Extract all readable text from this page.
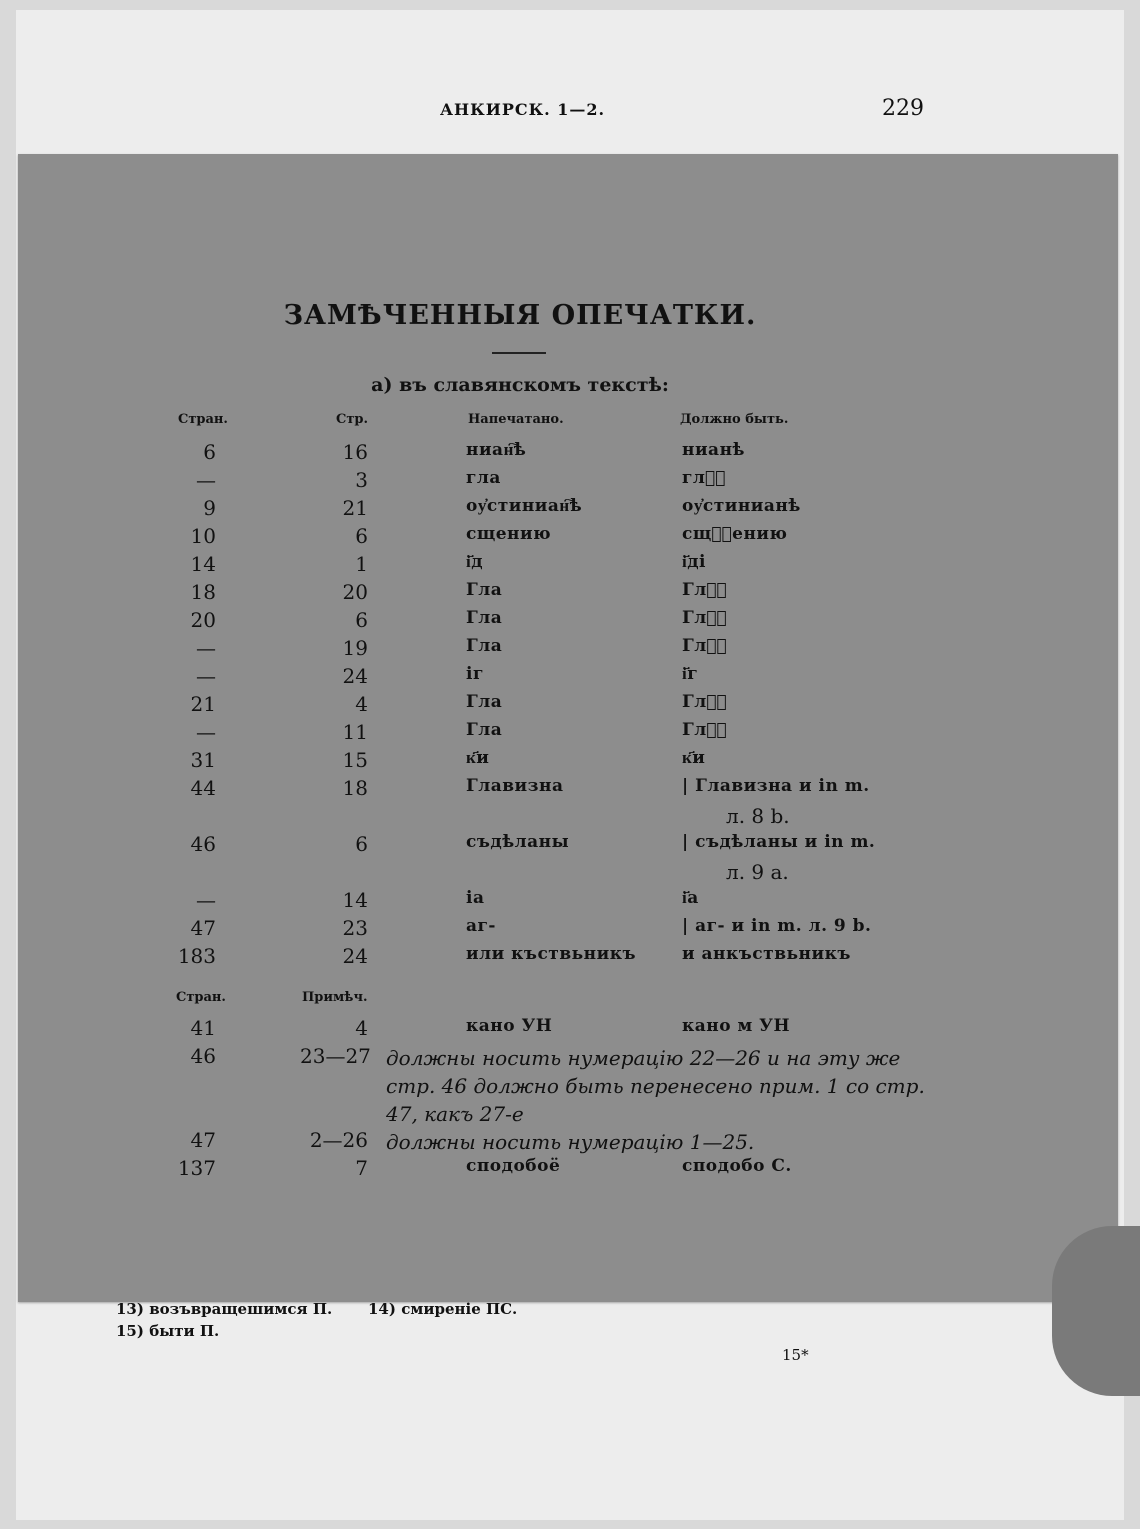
АНКИРСК. 1—2.	229
ЗАМѢЧЕННЫЯ ОПЕЧАТКИ.
а) въ славянскомъ текстѣ:
Стран.	Стр.	Напечатано.	Должно быть.
6	16	ниан҇ѣ	нианѣ
—	3	гла	глⷭ҇
9	21	оу҆стиниан҇ѣ	оу҆стинианѣ
10	6	сщению	сщⷭ҇ению
14	1	і҃д	і҃ді
18	20	Гла	Глⷭ҇
20	6	Гла	Глⷭ҇
—	19	Гла	Глⷭ҇
—	24	іг	і҃г
21	4	Гла	Глⷭ҇
—	11	Гла	Глⷭ҇
31	15	к҃и	к҃и
44	18	Главизна	| Главизна и in m.
л. 8 b.
46	6	съдѣланы	| съдѣланы и in m.
л. 9 a.
—	14	іа	і҃а
47	23	аг-	| аг- и in m. л. 9 b.
183	24	или къствьникъ	и анкъствьникъ
Стран.	Примѣч.
41	4	кано УН	кано м УН
46	23—27 должны носить нумерацію 22—26 и на эту же стр. 46 должно быть перенесено прим. 1 со стр. 47, какъ 27-е
47	2—26 должны носить нумерацію 1—25.
137	7	сподобоё	сподобо С.
13) возъвращешимся П. 14) смиреніе ПС.
15) быти П.
15*
